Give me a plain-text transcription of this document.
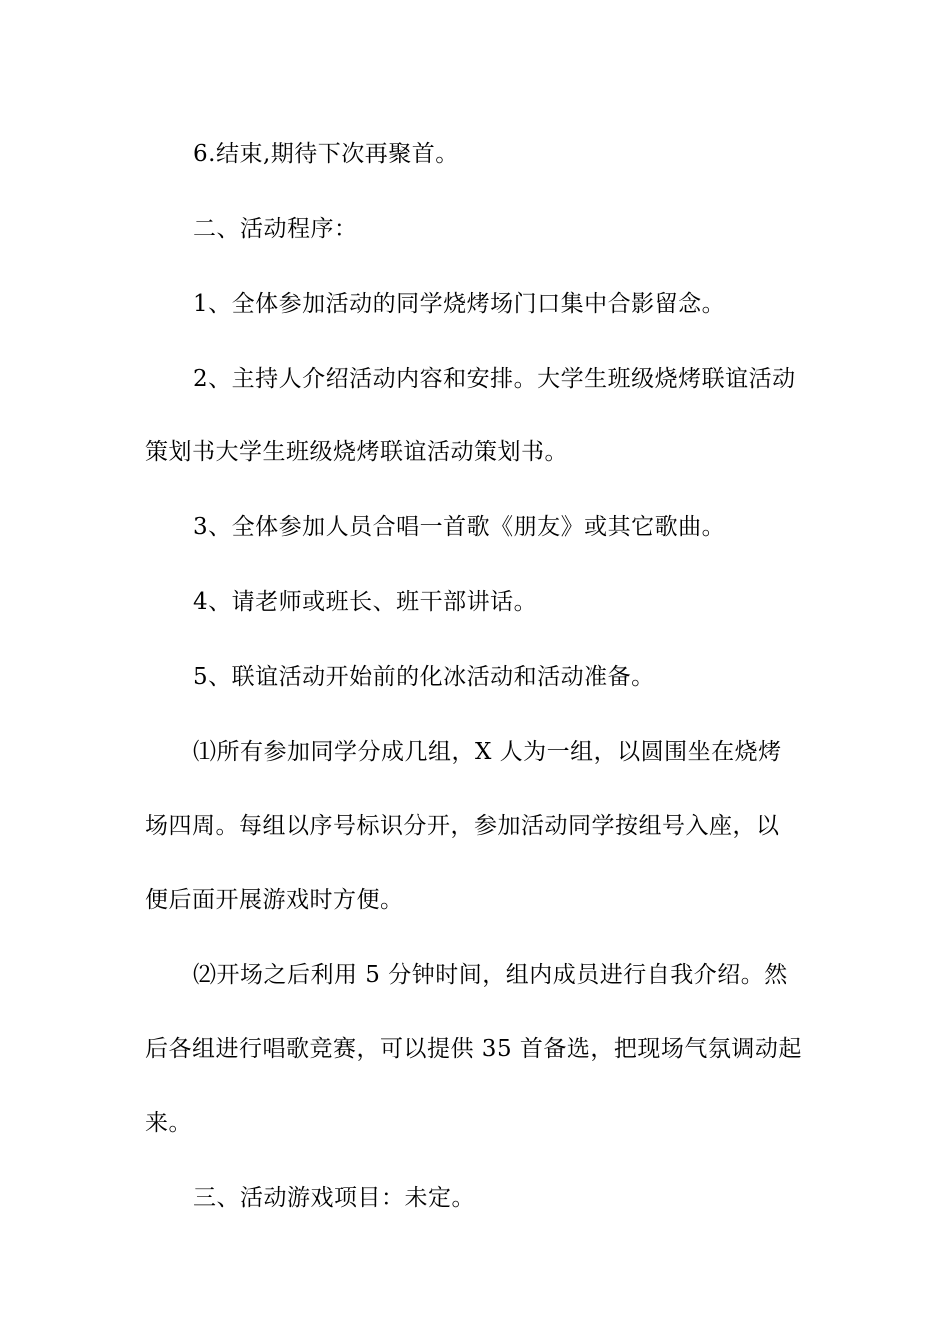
6.结束,期待下次再聚首。
二、活动程序：
1、全体参加活动的同学烧烤场门口集中合影留念。
2、主持人介绍活动内容和安排。大学生班级烧烤联谊活动
策划书大学生班级烧烤联谊活动策划书。
3、全体参加人员合唱一首歌《朋友》或其它歌曲。
4、请老师或班长、班干部讲话。
5、联谊活动开始前的化冰活动和活动准备。
⑴所有参加同学分成几组，X 人为一组，以圆围坐在烧烤
场四周。每组以序号标识分开，参加活动同学按组号入座，以
便后面开展游戏时方便。
⑵开场之后利用 5 分钟时间，组内成员进行自我介绍。然
后各组进行唱歌竞赛，可以提供 35 首备选，把现场气氛调动起
来。
三、活动游戏项目：未定。
